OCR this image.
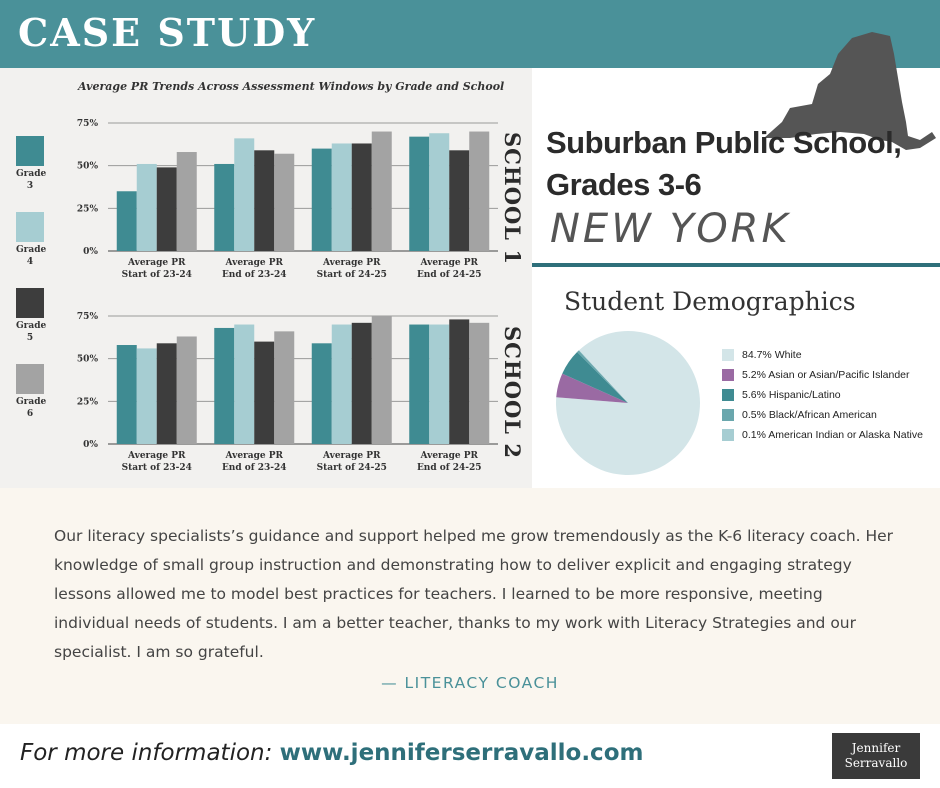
CASE STUDY
Average PR Trends Across Assessment Windows by Grade and School
Grade
3
Grade
4
Grade
5
Grade
6
0%
25%
50%
75%
Average PR
Start of 23-24
Average PR
End of 23-24
Average PR
Start of 24-25
Average PR
End of 24-25
SCHOOL 1
0%
25%
50%
75%
Average PR
Start of 23-24
Average PR
End of 23-24
Average PR
Start of 24-25
Average PR
End of 24-25
SCHOOL 2
Suburban Public School,
Grades 3-6
NEW YORK
Student Demographics
84.7% White
5.2% Asian or Asian/Pacific Islander
5.6% Hispanic/Latino
0.5% Black/African American
0.1% American Indian or Alaska Native
Our literacy specialists’s guidance and support helped me grow tremendously as the K-6 literacy coach. Her knowledge of small group instruction and demonstrating how to deliver explicit and engaging strategy lessons allowed me to model best practices for teachers. I learned to be more responsive, meeting individual needs of students. I am a better teacher, thanks to my work with Literacy Strategies and our specialist. I am so grateful.
— LITERACY COACH
For more information: www.jenniferserravallo.com	Jennifer
Serravallo
